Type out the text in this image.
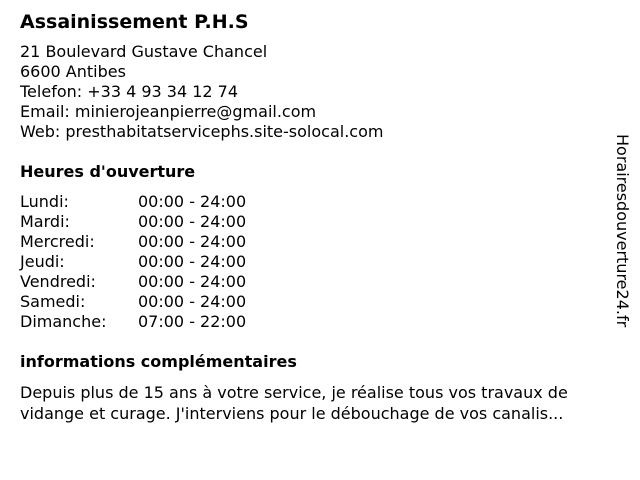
Assainissement P.H.S
21 Boulevard Gustave Chancel
6600 Antibes
Telefon: +33 4 93 34 12 74
Email: minierojeanpierre@gmail.com
Web: presthabitatservicephs.site-solocal.com
Heures d'ouverture
Lundi:	00:00 - 24:00
Mardi:	00:00 - 24:00
Mercredi:	00:00 - 24:00
Jeudi:	00:00 - 24:00
Vendredi:	00:00 - 24:00
Samedi:	00:00 - 24:00
Dimanche:	07:00 - 22:00
informations complémentaires
Depuis plus de 15 ans à votre service, je réalise tous vos travaux de vidange et curage. J'interviens pour le débouchage de vos canalis...
Horairesdouverture24.fr
